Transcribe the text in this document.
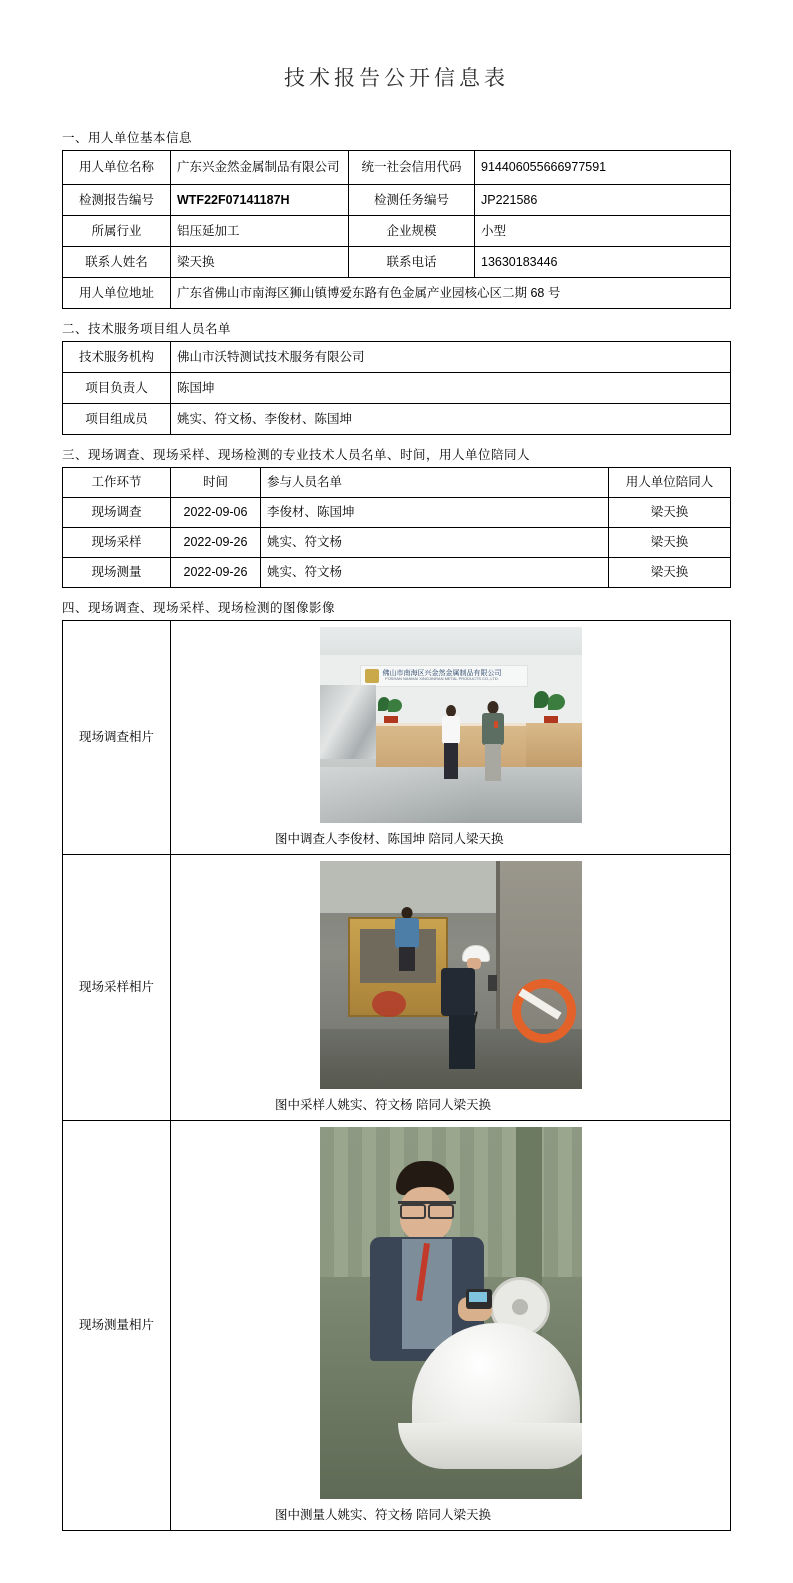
技术报告公开信息表
一、用人单位基本信息
用人单位名称	广东兴金然金属制品有限公司	统一社会信用代码	914406055666977591
检测报告编号	WTF22F07141187H	检测任务编号	JP221586
所属行业	铝压延加工	企业规模	小型
联系人姓名	梁天换	联系电话	13630183446
用人单位地址	广东省佛山市南海区狮山镇博爱东路有色金属产业园核心区二期 68 号		
二、技术服务项目组人员名单
技术服务机构	佛山市沃特测试技术服务有限公司
项目负责人	陈国坤
项目组成员	姚实、符文杨、李俊材、陈国坤
三、现场调查、现场采样、现场检测的专业技术人员名单、时间，用人单位陪同人
工作环节	时间	参与人员名单	用人单位陪同人
现场调查	2022-09-06	李俊材、陈国坤	梁天换
现场采样	2022-09-26	姚实、符文杨	梁天换
现场测量	2022-09-26	姚实、符文杨	梁天换
四、现场调查、现场采样、现场检测的图像影像
现场调查相片	佛山市南海区兴金然金属制品有限公司
FOSHAN NANHAI XINGJINRAN METAL PRODUCTS CO.,LTD.
图中调查人李俊材、陈国坤 陪同人梁天换

现场采样相片	图中采样人姚实、符文杨 陪同人梁天换

现场测量相片	图中测量人姚实、符文杨 陪同人梁天换
